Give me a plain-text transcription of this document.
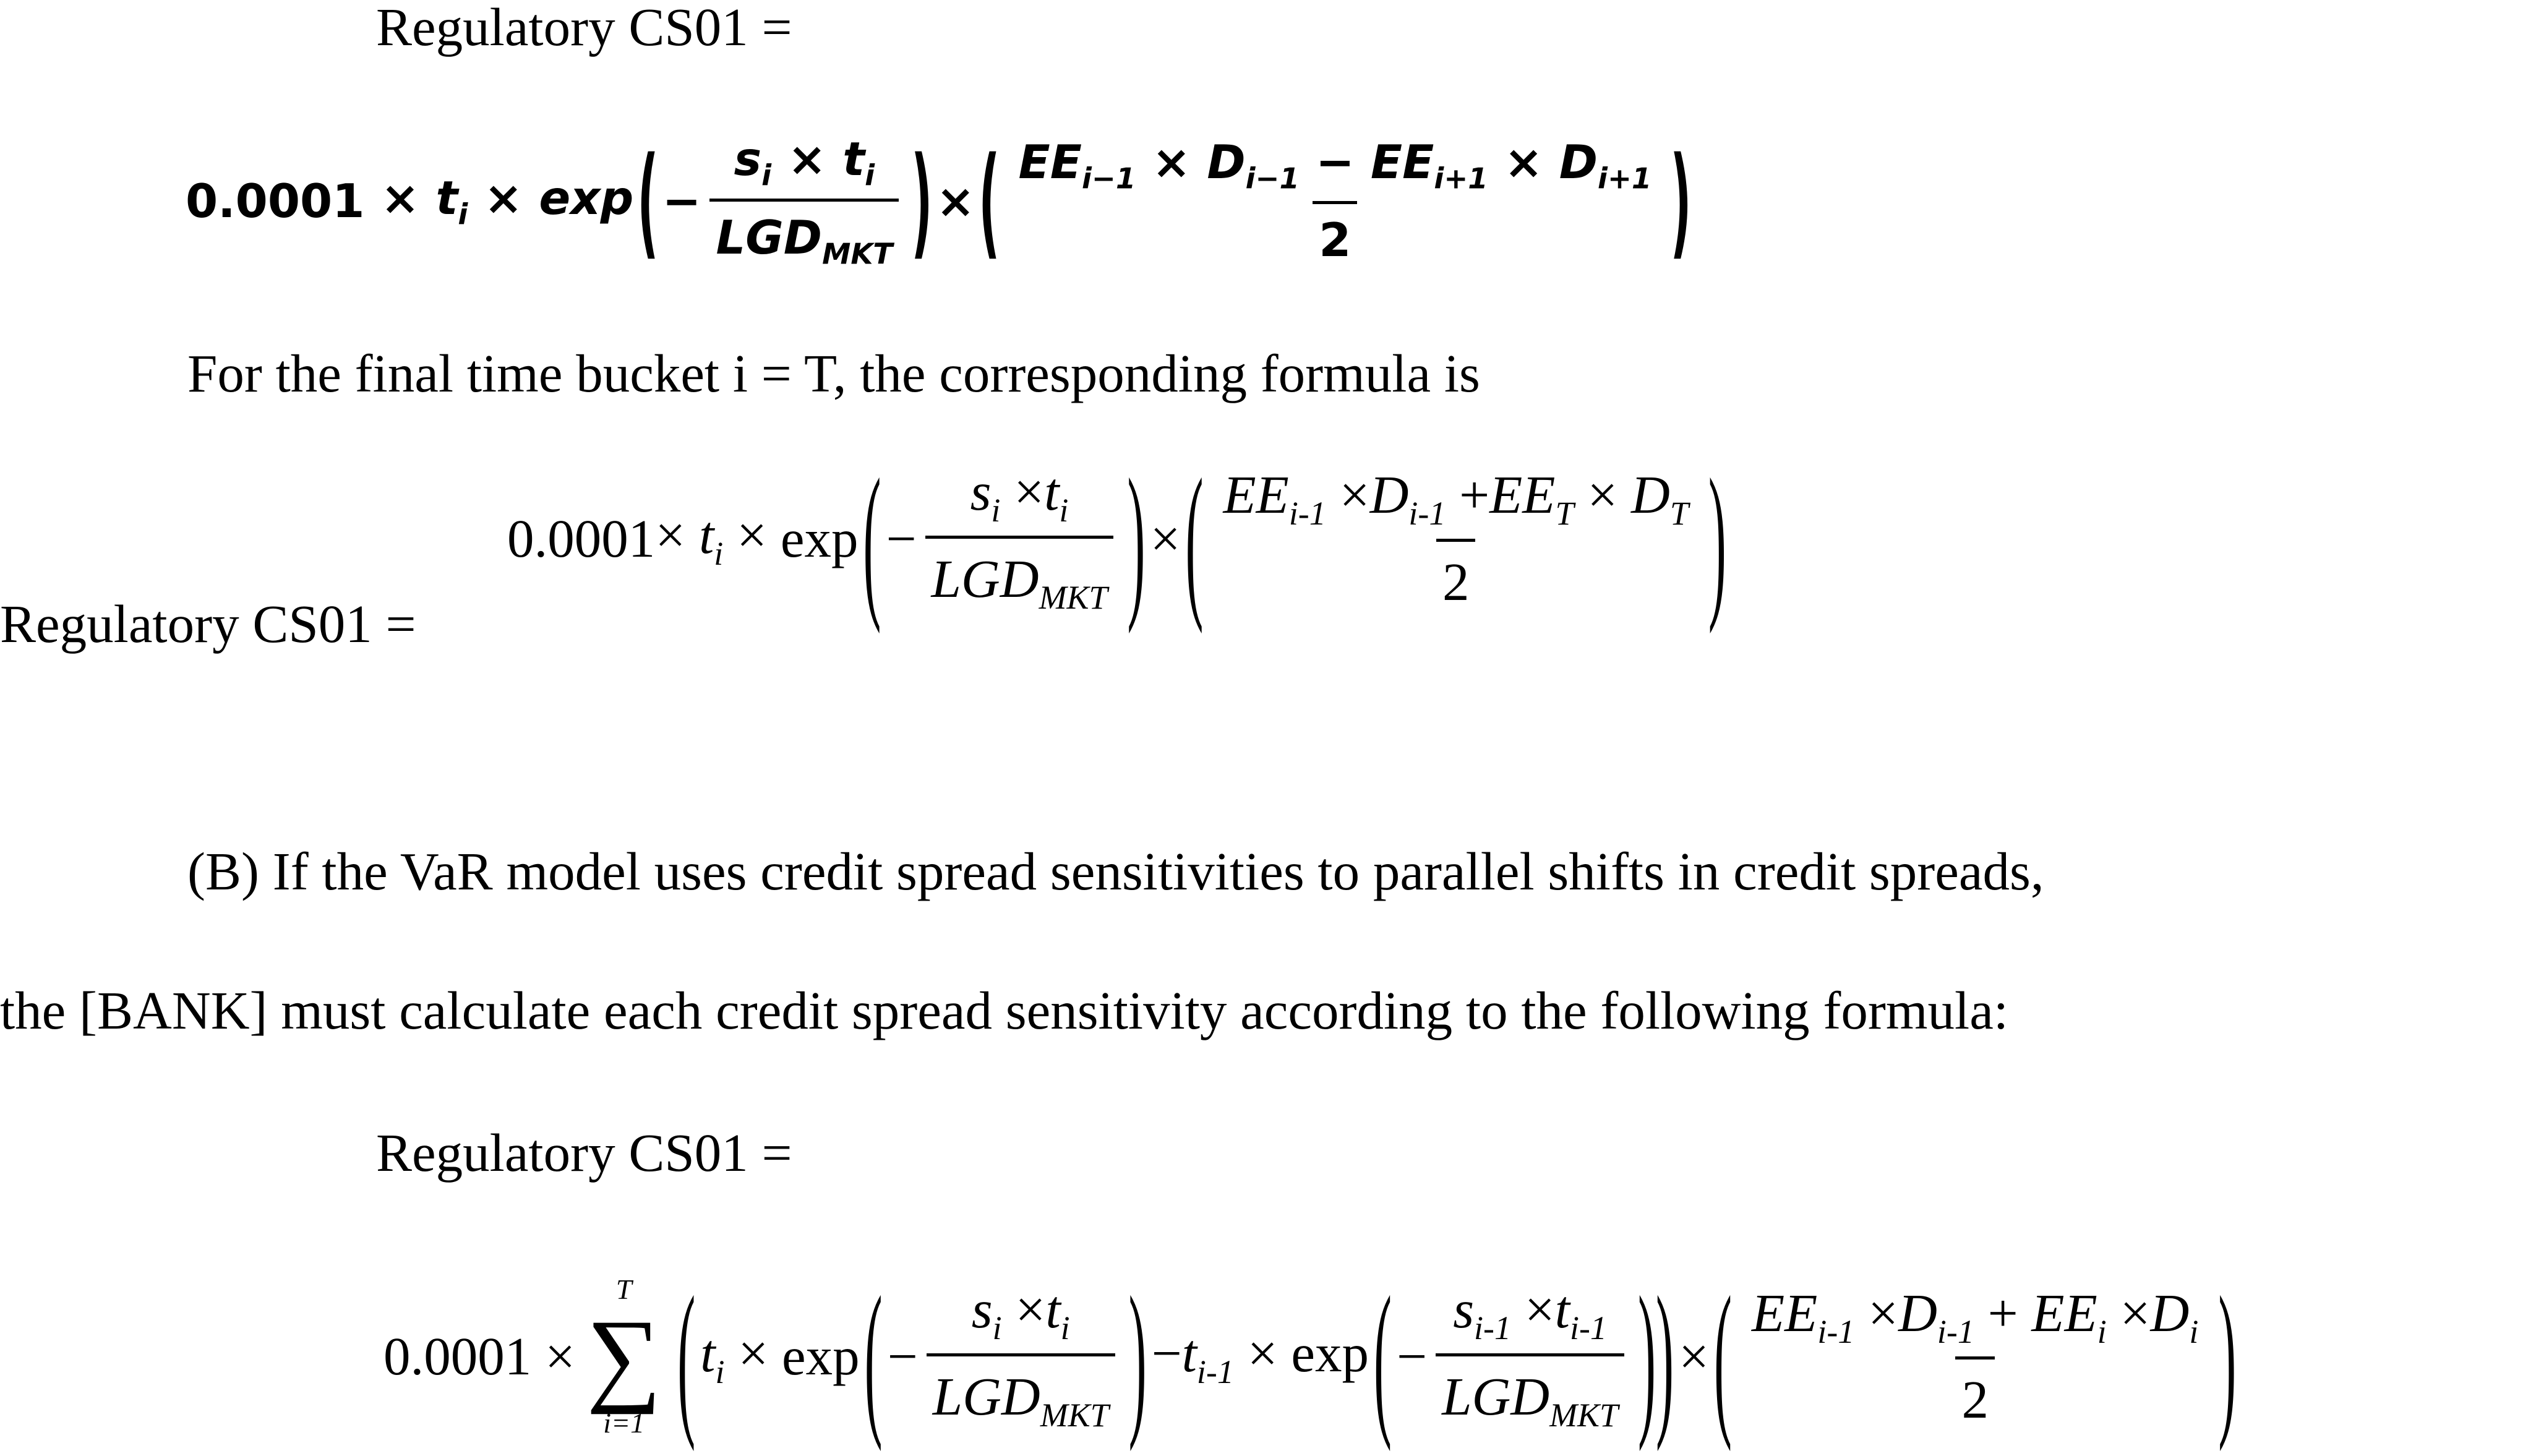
Regulatory CS01 =
$0.0001 \times t_i \times \exp$ ( − $\frac{s_i \times t_i}{LGD_{MKT}}$ ) × ( $\frac{EE_{i-1} \times D_{i-1} - EE_{i+1} \times D_{i+1}}{2}$ )
For the final time bucket i = T, the corresponding formula is
$0.0001 \times t_i \times \exp$ ( − $\frac{s_i \times t_i}{LGD_{MKT}}$ ) × ( $\frac{EE_{i-1} \times D_{i-1} +EE_T \times D_T}{2}$ )
Regulatory CS01 =
(B) If the VaR model uses credit spread sensitivities to parallel shifts in credit spreads,
the [BANK] must calculate each credit spread sensitivity according to the following formula:
Regulatory CS01 =
0.0001 ×
T
∑
i=1 ( $t_i \times \exp$ ( − $\frac{s_i \times t_i}{LGD_{MKT}}$ ) $-t_{i-1} \times \exp$ ( − $\frac{s_{i-1} \times t_{i-1}}{LGD_{MKT}}$ )) × ( $\frac{EE_{i-1} \times D_{i-1} + EE_i \times D_i}{2}$ )
